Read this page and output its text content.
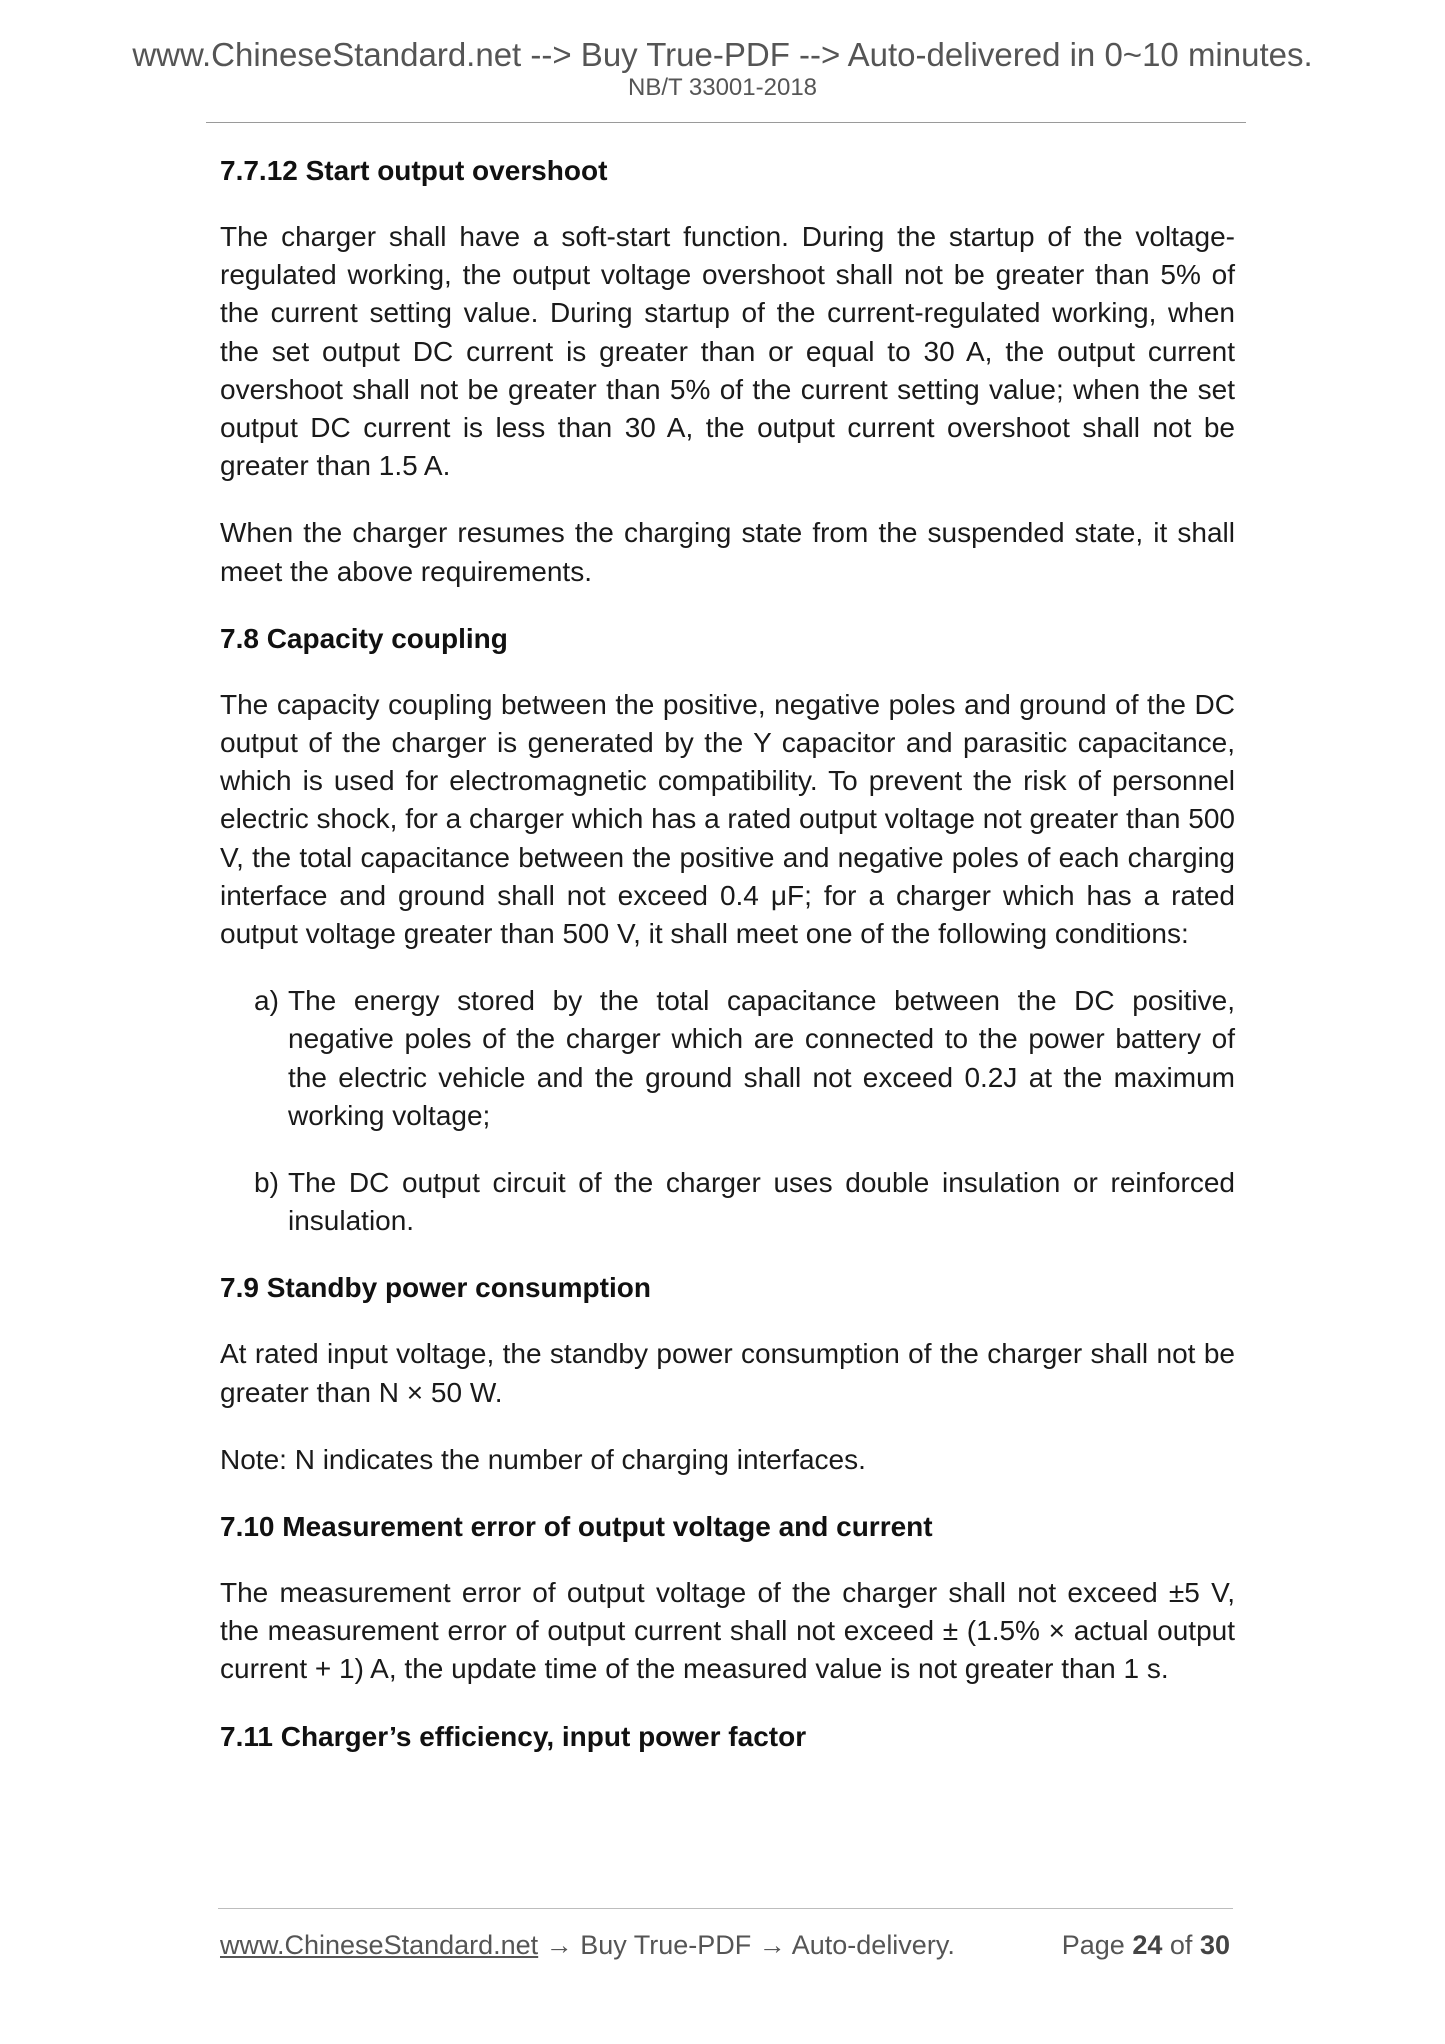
www.ChineseStandard.net --> Buy True-PDF --> Auto-delivered in 0~10 minutes.
NB/T 33001-2018
7.7.12 Start output overshoot

The charger shall have a soft-start function. During the startup of the voltage-regulated working, the output voltage overshoot shall not be greater than 5% of the current setting value. During startup of the current-regulated working, when the set output DC current is greater than or equal to 30 A, the output current overshoot shall not be greater than 5% of the current setting value; when the set output DC current is less than 30 A, the output current overshoot shall not be greater than 1.5 A.

When the charger resumes the charging state from the suspended state, it shall meet the above requirements.

7.8 Capacity coupling

The capacity coupling between the positive, negative poles and ground of the DC output of the charger is generated by the Y capacitor and parasitic capacitance, which is used for electromagnetic compatibility. To prevent the risk of personnel electric shock, for a charger which has a rated output voltage not greater than 500 V, the total capacitance between the positive and negative poles of each charging interface and ground shall not exceed 0.4 μF; for a charger which has a rated output voltage greater than 500 V, it shall meet one of the following conditions:

a) The energy stored by the total capacitance between the DC positive, negative poles of the charger which are connected to the power battery of the electric vehicle and the ground shall not exceed 0.2J at the maximum working voltage;
b) The DC output circuit of the charger uses double insulation or reinforced insulation.
7.9 Standby power consumption

At rated input voltage, the standby power consumption of the charger shall not be greater than N × 50 W.

Note: N indicates the number of charging interfaces.

7.10 Measurement error of output voltage and current

The measurement error of output voltage of the charger shall not exceed ±5 V, the measurement error of output current shall not exceed ± (1.5% × actual output current + 1) A, the update time of the measured value is not greater than 1 s.

7.11 Charger’s efficiency, input power factor
www.ChineseStandard.net → Buy True-PDF → Auto-delivery.	Page 24 of 30
